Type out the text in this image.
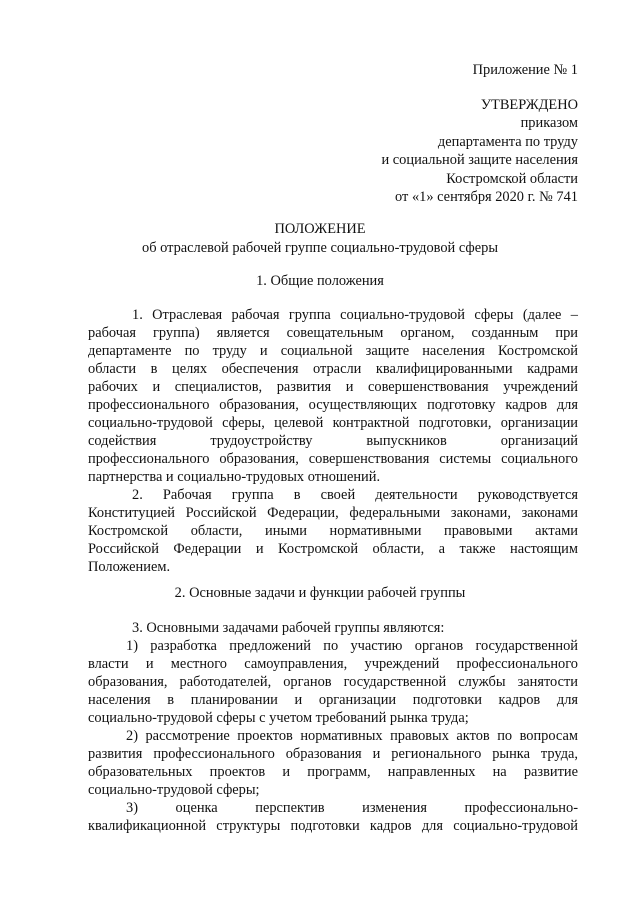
Приложение № 1
УТВЕРЖДЕНО
приказом
департамента по труду
и социальной защите населения
Костромской области
от «1» сентября 2020 г. № 741
ПОЛОЖЕНИЕ
об отраслевой рабочей группе социально-трудовой сферы
1. Общие положения
1. Отраслевая рабочая группа социально-трудовой сферы (далее –
рабочая группа) является совещательным органом, созданным при
департаменте по труду и социальной защите населения Костромской
области в целях обеспечения отрасли квалифицированными кадрами
рабочих и специалистов, развития и совершенствования учреждений
профессионального образования, осуществляющих подготовку кадров для
социально-трудовой сферы, целевой контрактной подготовки, организации
содействия трудоустройству выпускников организаций
профессионального образования, совершенствования системы социального
партнерства и социально-трудовых отношений.
2. Рабочая группа в своей деятельности руководствуется
Конституцией Российской Федерации, федеральными законами, законами
Костромской области, иными нормативными правовыми актами
Российской Федерации и Костромской области, а также настоящим
Положением.
2. Основные задачи и функции рабочей группы
3. Основными задачами рабочей группы являются:
1) разработка предложений по участию органов государственной
власти и местного самоуправления, учреждений профессионального
образования, работодателей, органов государственной службы занятости
населения в планировании и организации подготовки кадров для
социально-трудовой сферы с учетом требований рынка труда;
2) рассмотрение проектов нормативных правовых актов по вопросам
развития профессионального образования и регионального рынка труда,
образовательных проектов и программ, направленных на развитие
социально-трудовой сферы;
3) оценка перспектив изменения профессионально-
квалификационной структуры подготовки кадров для социально-трудовой
